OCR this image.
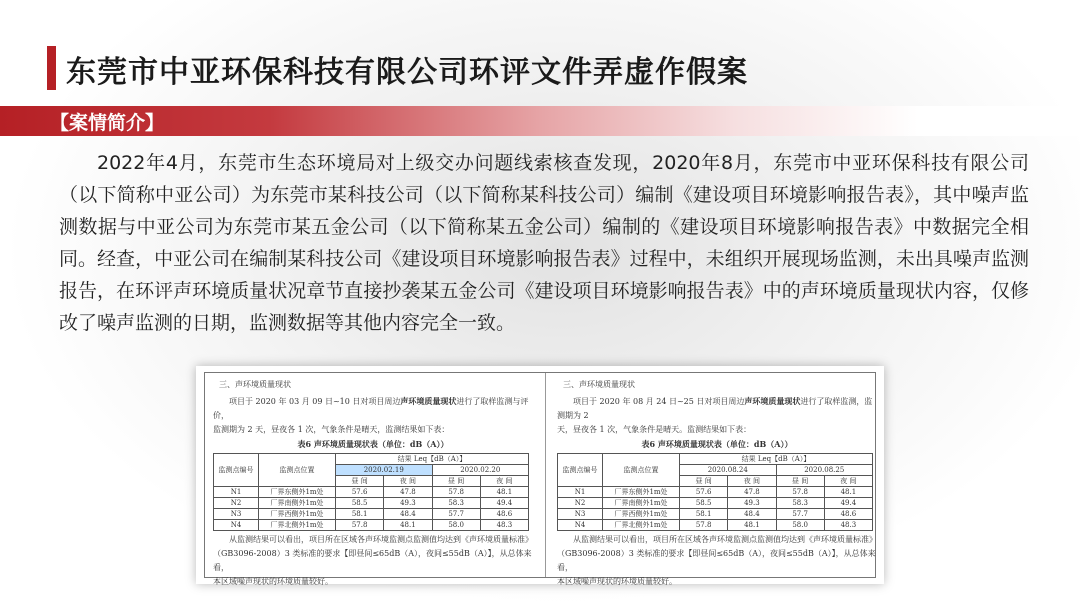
东莞市中亚环保科技有限公司环评文件弄虚作假案
【案情简介】

2022年4月，东莞市生态环境局对上级交办问题线索核查发现，2020年8月，东莞市中亚环保科技有限公司（以下简称中亚公司）为东莞市某科技公司（以下简称某科技公司）编制《建设项目环境影响报告表》，其中噪声监测数据与中亚公司为东莞市某五金公司（以下简称某五金公司）编制的《建设项目环境影响报告表》中数据完全相同。经查，中亚公司在编制某科技公司《建设项目环境影响报告表》过程中，未组织开展现场监测，未出具噪声监测报告，在环评声环境质量状况章节直接抄袭某五金公司《建设项目环境影响报告表》中的声环境质量现状内容，仅修改了噪声监测的日期，监测数据等其他内容完全一致。

三、声环境质量现状
项目于 2020 年 03 月 09 日~10 日对项目周边声环境质量现状进行了取样监测与评价，
监测期为 2 天，昼夜各 1 次，气象条件是晴天，监测结果如下表：
表6 声环境质量现状表（单位：dB（A））
监测点编号	监测点位置	结果 Leq【dB（A）】			
		2020.02.19		2020.02.20	
		昼 间	夜 间	昼 间	夜 间
N1	厂界东侧外1m处	57.6	47.8	57.8	48.1
N2	厂界南侧外1m处	58.5	49.3	58.3	49.4
N3	厂界西侧外1m处	58.1	48.4	57.7	48.6
N4	厂界北侧外1m处	57.8	48.1	58.0	48.3
从监测结果可以看出，项目所在区域各声环境监测点监测值均达到《声环境质量标准》
（GB3096-2008）3 类标准的要求【即昼间≤65dB（A），夜间≤55dB（A）】，从总体来看，
本区域噪声现状的环境质量较好。
三、声环境质量现状
项目于 2020 年 08 月 24 日~25 日对项目周边声环境质量现状进行了取样监测，监测期为 2
天，昼夜各 1 次，气象条件是晴天。监测结果如下表：
表6 声环境质量现状表（单位：dB（A））
监测点编号	监测点位置	结果 Leq【dB（A）】			
		2020.08.24		2020.08.25	
		昼 间	夜 间	昼 间	夜 间
N1	厂界东侧外1m处	57.6	47.8	57.8	48.1
N2	厂界南侧外1m处	58.5	49.3	58.3	49.4
N3	厂界西侧外1m处	58.1	48.4	57.7	48.6
N4	厂界北侧外1m处	57.8	48.1	58.0	48.3
从监测结果可以看出，项目所在区域各声环境监测点监测值均达到《声环境质量标准》
（GB3096-2008）3 类标准的要求【即昼间≤65dB（A），夜间≤55dB（A）】，从总体来看，
本区域噪声现状的环境质量较好。
